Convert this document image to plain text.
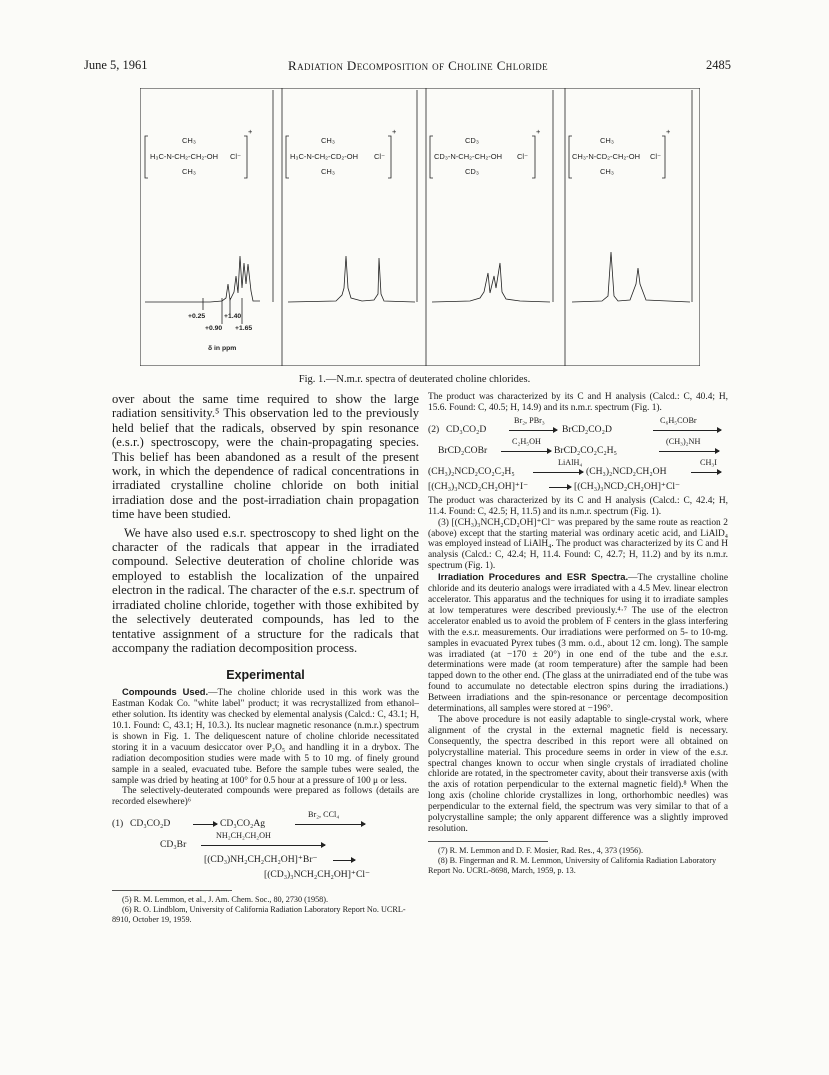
June 5, 1961	Radiation Decomposition of Choline Chloride	2485
CH₃
H₃C-N-CH₂-CH₂-OH
CH₃
Cl⁻
+
CH₃
H₃C-N-CH₂-CD₂-OH
CH₃
Cl⁻
+
CD₃
CD₃-N-CH₂-CH₂-OH
CD₃
Cl⁻
+
CH₃
CH₃-N-CD₂-CH₂-OH
CH₃
Cl⁻
+
+0.25	+1.40
+0.90 +1.65
δ in ppm
Fig. 1.—N.m.r. spectra of deuterated choline chlorides.

over about the same time required to show the large radiation sensitivity.⁵ This observation led to the previously held belief that the radicals, observed by spin resonance (e.s.r.) spectroscopy, were the chain-propagating species. This belief has been abandoned as a result of the present work, in which the dependence of radical concentrations in irradiated crystalline choline chloride on both initial irradiation dose and the post-irradiation chain propagation time have been studied.

We have also used e.s.r. spectroscopy to shed light on the character of the radicals that appear in the irradiated compound. Selective deuteration of choline chloride was employed to establish the localization of the unpaired electron in the radical. The character of the e.s.r. spectrum of irradiated choline chloride, together with those exhibited by the selectively deuterated compounds, has led to the tentative assignment of a structure for the radicals that accompany the radiation decomposition process.

Experimental

Compounds Used.—The choline chloride used in this work was the Eastman Kodak Co. "white label" product; it was recrystallized from ethanol–ether solution. Its identity was checked by elemental analysis (Calcd.: C, 43.1; H, 10.1. Found: C, 43.1; H, 10.3.). Its nuclear magnetic resonance (n.m.r.) spectrum is shown in Fig. 1. The deliquescent nature of choline chloride necessitated storing it in a vacuum desiccator over P₂O₅ and handling it in a drybox. The radiation decomposition studies were made with 5 to 10 mg. of finely ground sample in a sealed, evacuated tube. Before the sample tubes were sealed, the sample was dried by heating at 100° for 0.5 hour at a pressure of 100 μ or less.

The selectively-deuterated compounds were prepared as follows (details are recorded elsewhere)⁶

(1) CD₃CO₂D	CD₃CO₂Ag
Br₂, CCl₄
CD₃Br
NH₂CH₂CH₂OH
[(CD₃)NH₂CH₂CH₂OH]⁺Br⁻
[(CD₃)₃NCH₂CH₂OH]⁺Cl⁻

(5) R. M. Lemmon, et al., J. Am. Chem. Soc., 80, 2730 (1958).

(6) R. O. Lindblom, University of California Radiation Laboratory Report No. UCRL-8910, October 19, 1959.

The product was characterized by its C and H analysis (Calcd.: C, 40.4; H, 15.6. Found: C, 40.5; H, 14.9) and its n.m.r. spectrum (Fig. 1).

(2) CD₃CO₂D
Br₂, PBr₃
BrCD₂CO₂D
C₆H₅COBr
BrCD₂COBr
C₂H₅OH
BrCD₂CO₂C₂H₅
(CH₃)₂NH
LiAlH₄
(CH₃)₂NCD₂CO₂C₂H₅	(CH₃)₂NCD₂CH₂OH
CH₃I
[(CH₃)₃NCD₂CH₂OH]⁺I⁻	[(CH₃)₃NCD₂CH₂OH]⁺Cl⁻

The product was characterized by its C and H analysis (Calcd.: C, 42.4; H, 11.4. Found: C, 42.5; H, 11.5) and its n.m.r. spectrum (Fig. 1).

(3) [(CH₃)₃NCH₂CD₂OH]⁺Cl⁻ was prepared by the same route as reaction 2 (above) except that the starting material was ordinary acetic acid, and LiAlD₄ was employed instead of LiAlH₄. The product was characterized by its C and H analysis (Calcd.: C, 42.4; H, 11.4. Found: C, 42.7; H, 11.2) and by its n.m.r. spectrum (Fig. 1).

Irradiation Procedures and ESR Spectra.—The crystalline choline chloride and its deuterio analogs were irradiated with a 4.5 Mev. linear electron accelerator. This apparatus and the techniques for using it to irradiate samples at low temperatures were described previously.⁴·⁷ The use of the electron accelerator enabled us to avoid the problem of F centers in the glass interfering with the e.s.r. measurements. Our irradiations were performed on 5- to 10-mg. samples in evacuated Pyrex tubes (3 mm. o.d., about 12 cm. long). The sample was irradiated (at −170 ± 20°) in one end of the tube and the e.s.r. determinations were made (at room temperature) after the sample had been tapped down to the other end. (The glass at the unirradiated end of the tube was found to accumulate no detectable electron spins during the irradiations.) Between irradiations and the spin-resonance or percentage decomposition determinations, all samples were stored at −196°.

The above procedure is not easily adaptable to single-crystal work, where alignment of the crystal in the external magnetic field is necessary. Consequently, the spectra described in this report were all obtained on polycrystalline material. This procedure seems in order in view of the e.s.r. spectral changes known to occur when single crystals of irradiated choline chloride are rotated, in the spectrometer cavity, about their transverse axis (with the axis of rotation perpendicular to the external magnetic field).⁸ When the long axis (choline chloride crystallizes in long, orthorhombic needles) was perpendicular to the external field, the spectrum was very similar to that of a polycrystalline sample; the only apparent difference was a slightly improved resolution.

(7) R. M. Lemmon and D. F. Mosier, Rad. Res., 4, 373 (1956).

(8) B. Fingerman and R. M. Lemmon, University of California Radiation Laboratory Report No. UCRL-8698, March, 1959, p. 13.
